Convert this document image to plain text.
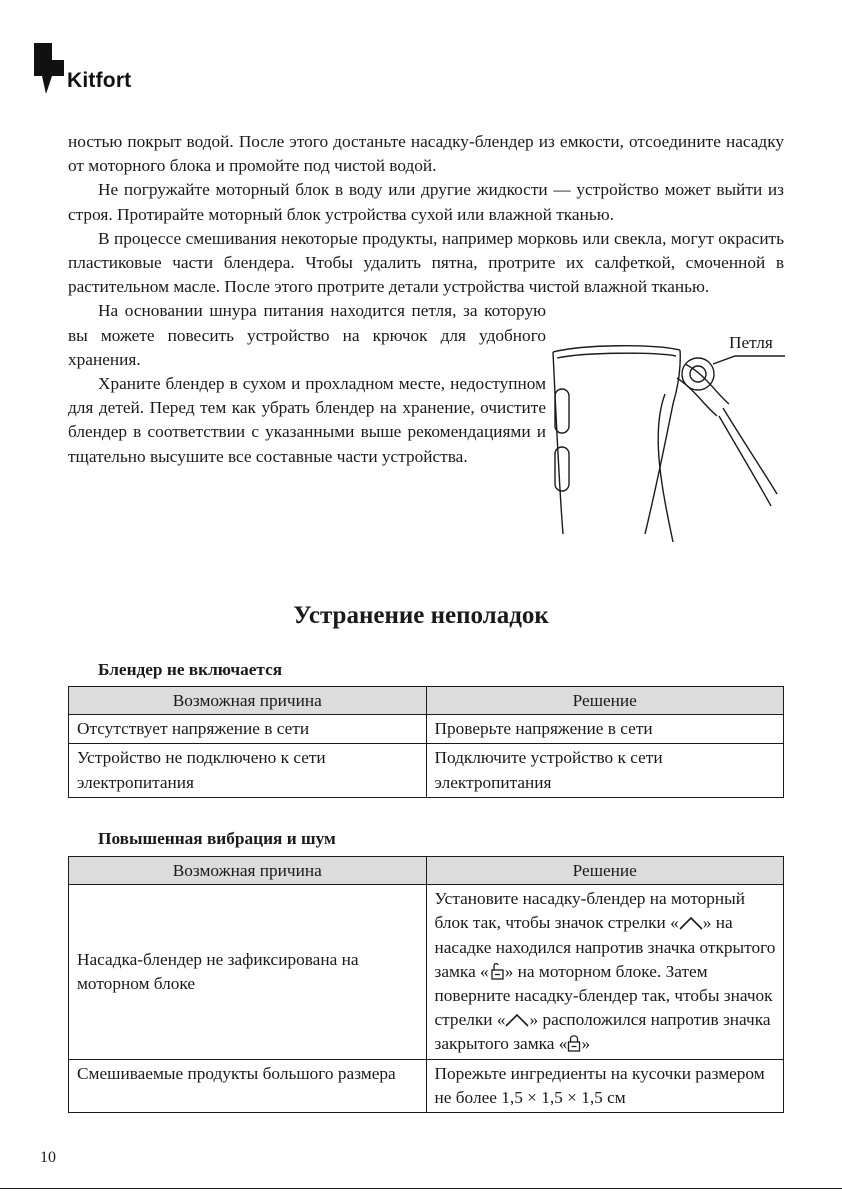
Kitfort

ностью покрыт водой. После этого достаньте насадку-блендер из емкости, отсоедините насадку от моторного блока и промойте под чистой водой.

Не погружайте моторный блок в воду или другие жидкости — устройство может выйти из строя. Протирайте моторный блок устройства сухой или влажной тканью.

В процессе смешивания некоторые продукты, например морковь или свекла, могут окрасить пластиковые части блендера. Чтобы удалить пятна, протрите их салфеткой, смоченной в растительном масле. После этого протрите детали устройства чистой влажной тканью.

На основании шнура питания находится петля, за которую вы можете повесить устройство на крючок для удобного хранения.

Храните блендер в сухом и прохладном месте, недоступном для детей. Перед тем как убрать блендер на хранение, очистите блендер в соответствии с указанными выше рекомендациями и тщательно высушите все составные части устройства.

Петля
Устранение неполадок
Блендер не включается
Возможная причина	Решение
Отсутствует напряжение в сети	Проверьте напряжение в сети
Устройство не подключено к сети электропитания	Подключите устройство к сети электропитания
Повышенная вибрация и шум
Возможная причина	Решение
Насадка-блендер не зафиксирована на моторном блоке	Установите насадку-блендер на моторный блок так, чтобы значок стрелки « » на насадке находился напротив значка открытого замка « » на моторном блоке. Затем поверните насадку-блендер так, чтобы значок стрелки « » расположился напротив значка закрытого замка « »
Смешиваемые продукты большого размера	Порежьте ингредиенты на кусочки размером не более 1,5 × 1,5 × 1,5 см
10
